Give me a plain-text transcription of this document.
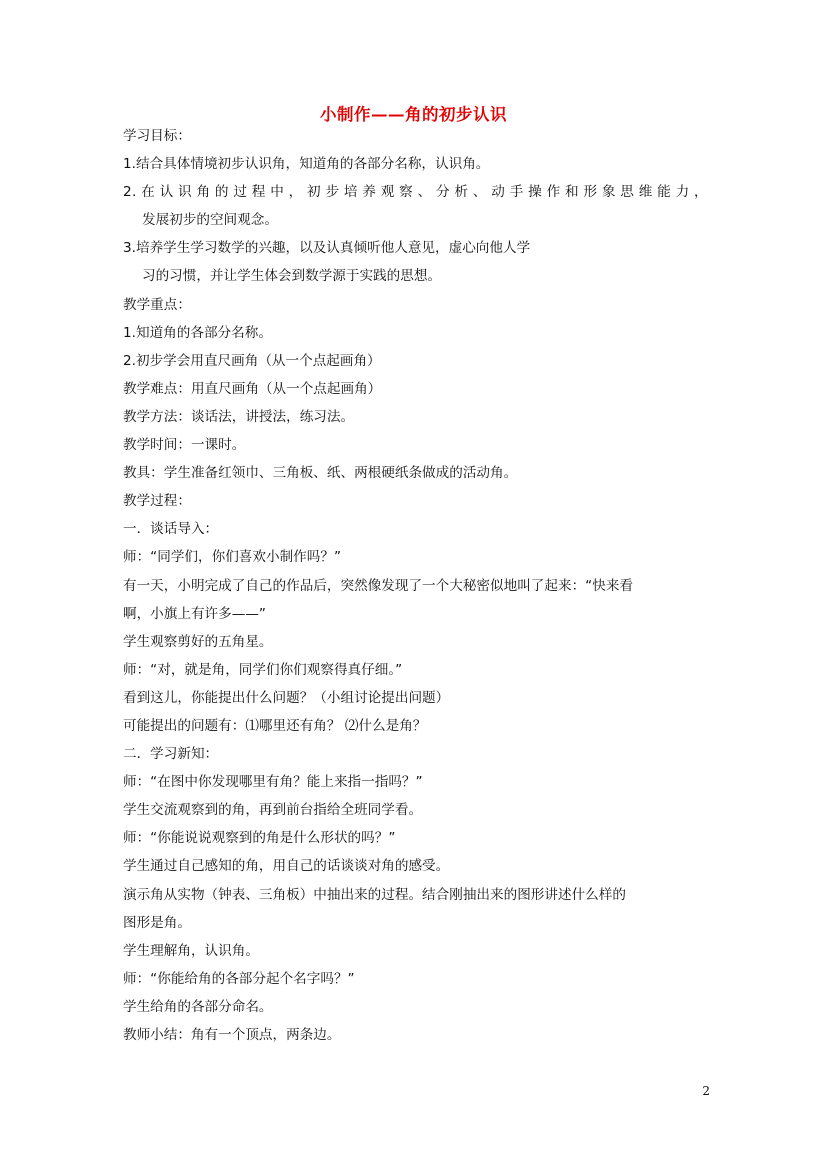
小制作——角的初步认识
学习目标：
1.结合具体情境初步认识角，知道角的各部分名称，认识角。
2.在认识角的过程中，初步培养观察、分析、动手操作和形象思维能力，
发展初步的空间观念。
3.培养学生学习数学的兴趣，以及认真倾听他人意见，虚心向他人学
习的习惯，并让学生体会到数学源于实践的思想。
教学重点：
1.知道角的各部分名称。
2.初步学会用直尺画角（从一个点起画角）
教学难点：用直尺画角（从一个点起画角）
教学方法：谈话法，讲授法，练习法。
教学时间：一课时。
教具：学生准备红领巾、三角板、纸、两根硬纸条做成的活动角。
教学过程：
一．谈话导入：
师：“同学们，你们喜欢小制作吗？”
有一天，小明完成了自己的作品后，突然像发现了一个大秘密似地叫了起来：“快来看
啊，小旗上有许多——”
学生观察剪好的五角星。
师：“对，就是角，同学们你们观察得真仔细。”
看到这儿，你能提出什么问题？（小组讨论提出问题）
可能提出的问题有：⑴哪里还有角？ ⑵什么是角？
二．学习新知：
师：“在图中你发现哪里有角？能上来指一指吗？”
学生交流观察到的角，再到前台指给全班同学看。
师：“你能说说观察到的角是什么形状的吗？”
学生通过自己感知的角，用自己的话谈谈对角的感受。
演示角从实物（钟表、三角板）中抽出来的过程。结合刚抽出来的图形讲述什么样的
图形是角。
学生理解角，认识角。
师：“你能给角的各部分起个名字吗？”
学生给角的各部分命名。
教师小结：角有一个顶点，两条边。
2
